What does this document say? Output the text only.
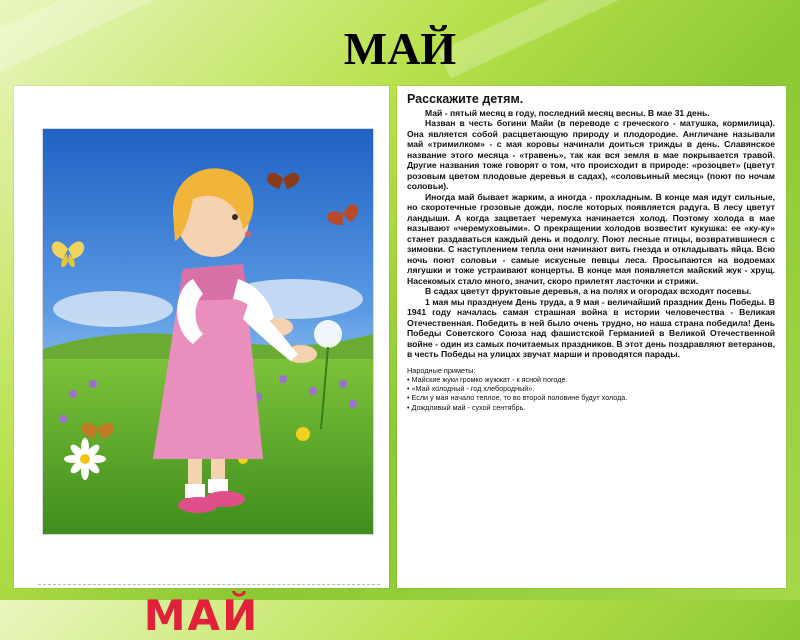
МАЙ
МАЙ

Расскажите детям.

Май - пятый месяц в году, последний месяц весны. В мае 31 день.

Назван в честь богини Майи (в переводе с греческого - матушка, кормилица). Она является собой расцветающую природу и плодородие. Англичане называли май «тримилком» - с мая коровы начинали доиться трижды в день. Славянское название этого месяца - «травень», так как вся земля в мае покрывается травой. Другие названия тоже говорят о том, что происходит в природе: «розоцвет» (цветут розовым цветом плодовые деревья в садах), «соловьиный месяц» (поют по ночам соловьи).

Иногда май бывает жарким, а иногда - прохладным. В конце мая идут сильные, но скоротечные грозовые дожди, после которых появляется радуга. В лесу цветут ландыши. А когда зацветает черемуха начинается холод. Поэтому холода в мае называют «черемуховыми». О прекращении холодов возвестит кукушка: ее «ку-ку» станет раздаваться каждый день и подолгу. Поют лесные птицы, возвратившиеся с зимовки. С наступлением тепла они начинают вить гнезда и откладывать яйца. Всю ночь поют соловьи - самые искусные певцы леса. Просыпаются на водоемах лягушки и тоже устраивают концерты. В конце мая появляется майский жук - хрущ. Насекомых стало много, значит, скоро прилетят ласточки и стрижи.

В садах цветут фруктовые деревья, а на полях и огородах всходят посевы.

1 мая мы празднуем День труда, а 9 мая - величайший праздник День Победы. В 1941 году началась самая страшная война в истории человечества - Великая Отечественная. Победить в ней было очень трудно, но наша страна победила! День Победы Советского Союза над фашистской Германией в Великой Отечественной войне - один из самых почитаемых праздников. В этот день поздравляют ветеранов, в честь Победы на улицах звучат марши и проводятся парады.

Народные приметы:
• Майские жуки громко жужжат - к ясной погоде.
• «Май холодный - год хлебородный».
• Если у мая начало теплое, то во второй половине будут холода.
• Дождливый май - сухой сентябрь.
